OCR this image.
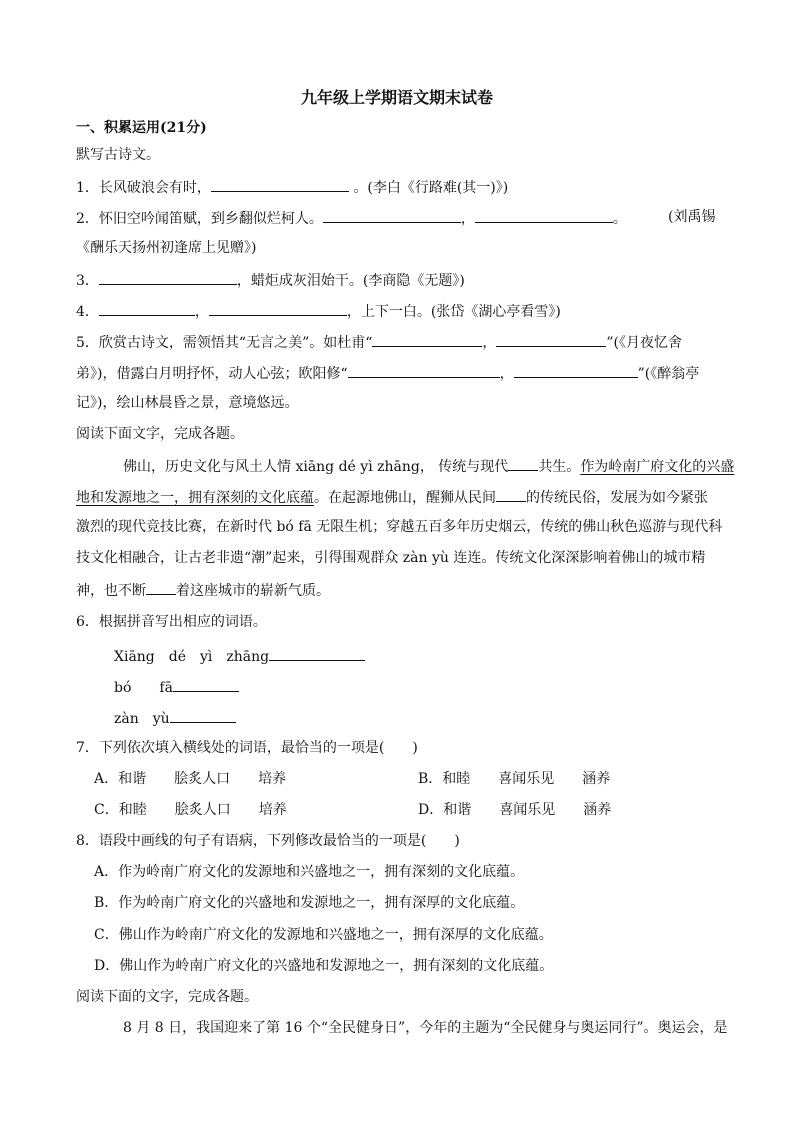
九年级上学期语文期末试卷
一、积累运用(21分)
默写古诗文。
1．长风破浪会有时，	。(李白《行路难(其一)》)
2．怀旧空吟闻笛赋，到乡翻似烂柯人。	，	。	(刘禹锡
《酬乐天扬州初逢席上见赠》)
3．	，蜡炬成灰泪始干。(李商隐《无题》)
4．	，	，上下一白。(张岱《湖心亭看雪》)
5．欣赏古诗文，需领悟其“无言之美”。如杜甫“	，	”(《月夜忆舍
弟》)，借露白月明抒怀，动人心弦；欧阳修“	，	”(《醉翁亭
记》)，绘山林晨昏之景，意境悠远。
阅读下面文字，完成各题。
佛山，历史文化与风土人情 xiāng dé yì zhāng， 传统与现代 共生。作为岭南广府文化的兴盛
地和发源地之一，拥有深刻的文化底蕴。在起源地佛山，醒狮从民间 的传统民俗，发展为如今紧张
激烈的现代竞技比赛，在新时代 bó fā 无限生机；穿越五百多年历史烟云，传统的佛山秋色巡游与现代科
技文化相融合，让古老非遗“潮”起来，引得围观群众 zàn yù 连连。传统文化深深影响着佛山的城市精
神，也不断 着这座城市的崭新气质。
6．根据拼音写出相应的词语。
Xiāng　dé　yì　zhāng
bó　　fā
zàn　yù
7．下列依次填入横线处的词语，最恰当的一项是(　　)
A．和谐　　脍炙人口　　培养	B．和睦　　喜闻乐见　　涵养
C．和睦　　脍炙人口　　培养	D．和谐　　喜闻乐见　　涵养
8．语段中画线的句子有语病，下列修改最恰当的一项是(　　)
A．作为岭南广府文化的发源地和兴盛地之一，拥有深刻的文化底蕴。
B．作为岭南广府文化的兴盛地和发源地之一，拥有深厚的文化底蕴。
C．佛山作为岭南广府文化的发源地和兴盛地之一，拥有深厚的文化底蕴。
D．佛山作为岭南广府文化的兴盛地和发源地之一，拥有深刻的文化底蕴。
阅读下面的文字，完成各题。
8 月 8 日，我国迎来了第 16 个“全民健身日”，今年的主题为“全民健身与奥运同行”。奥运会，是
